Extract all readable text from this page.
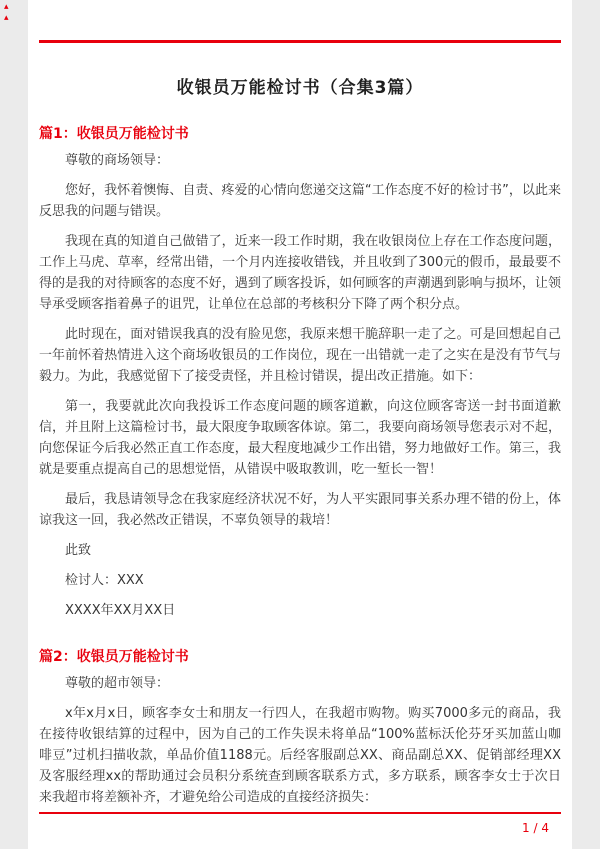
▴
▴
收银员万能检讨书（合集3篇）
篇1：收银员万能检讨书

尊敬的商场领导：

您好，我怀着懊悔、自责、疼爱的心情向您递交这篇“工作态度不好的检讨书”，以此来反思我的问题与错误。

我现在真的知道自己做错了，近来一段工作时期，我在收银岗位上存在工作态度问题，工作上马虎、草率，经常出错，一个月内连接收错钱，并且收到了300元的假币，最最要不得的是我的对待顾客的态度不好，遇到了顾客投诉，如何顾客的声潮遇到影响与损坏，让领导承受顾客指着鼻子的诅咒，让单位在总部的考核积分下降了两个积分点。

此时现在，面对错误我真的没有脸见您，我原来想干脆辞职一走了之。可是回想起自己一年前怀着热情进入这个商场收银员的工作岗位，现在一出错就一走了之实在是没有节气与毅力。为此，我感觉留下了接受责怪，并且检讨错误，提出改正措施。如下：

第一，我要就此次向我投诉工作态度问题的顾客道歉，向这位顾客寄送一封书面道歉信，并且附上这篇检讨书，最大限度争取顾客体谅。第二，我要向商场领导您表示对不起，向您保证今后我必然正直工作态度，最大程度地减少工作出错，努力地做好工作。第三，我就是要重点提高自己的思想觉悟，从错误中吸取教训，吃一堑长一智！

最后，我恳请领导念在我家庭经济状况不好，为人平实跟同事关系办理不错的份上，体谅我这一回，我必然改正错误，不辜负领导的栽培！

此致

检讨人：XXX

XXXX年XX月XX日

篇2：收银员万能检讨书

尊敬的超市领导：

x年x月x日，顾客李女士和朋友一行四人，在我超市购物。购买7000多元的商品，我在接待收银结算的过程中，因为自己的工作失误未将单品“100%蓝标沃伦芬牙买加蓝山咖啡豆”过机扫描收款，单品价值1188元。后经客服副总XX、商品副总XX、促销部经理XX及客服经理xx的帮助通过会员积分系统查到顾客联系方式，多方联系，顾客李女士于次日来我超市将差额补齐，才避免给公司造成的直接经济损失：

1 / 4
